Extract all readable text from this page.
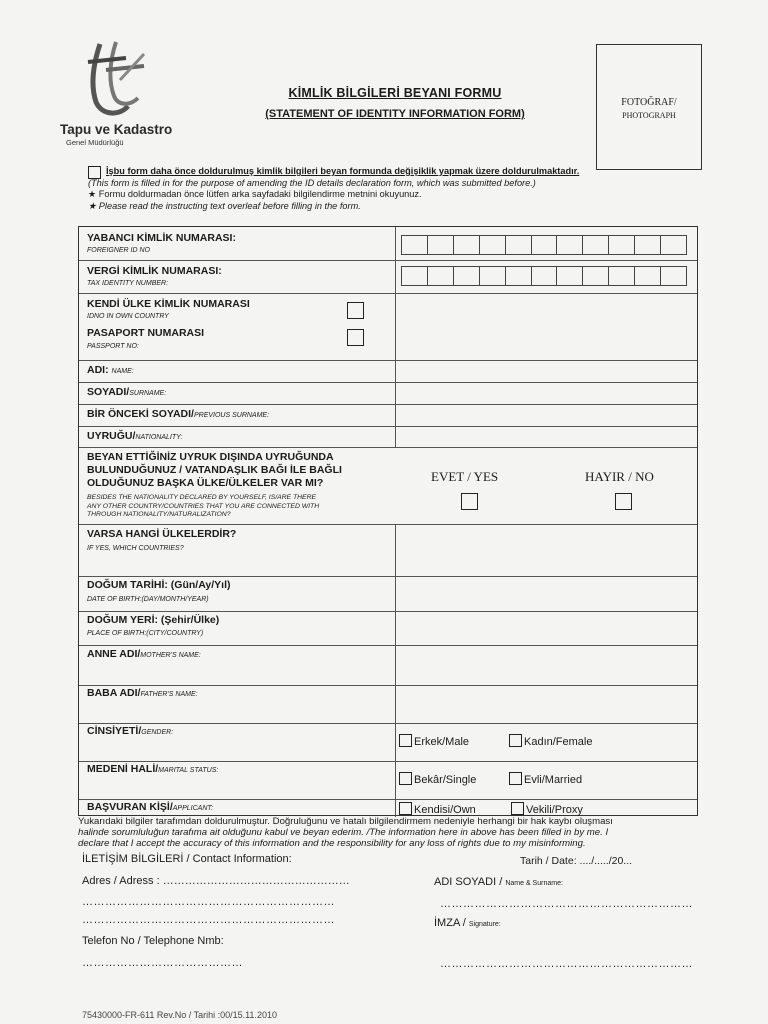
Tapu ve Kadastro
Genel Müdürlüğü
KİMLİK BİLGİLERİ BEYANI FORMU
(STATEMENT OF IDENTITY INFORMATION FORM)
FOTOĞRAF/
PHOTOGRAPH
İşbu form daha önce doldurulmuş kimlik bilgileri beyan formunda değişiklik yapmak üzere doldurulmaktadır.
(This form is filled in for the purpose of amending the ID details declaration form, which was submitted before.)
★ Formu doldurmadan önce lütfen arka sayfadaki bilgilendirme metnini okuyunuz.
★ Please read the instructing text overleaf before filling in the form.
YABANCI KİMLİK NUMARASI:
FOREIGNER ID NO
VERGİ KİMLİK NUMARASI:
TAX IDENTITY NUMBER:
KENDİ ÜLKE KİMLİK NUMARASI
IDNO IN OWN COUNTRY
PASAPORT NUMARASI
PASSPORT NO:
ADI: NAME:
SOYADI/SURNAME:
BİR ÖNCEKİ SOYADI/PREVIOUS SURNAME:
UYRUĞU/NATIONALITY:
BEYAN ETTİĞİNİZ UYRUK DIŞINDA UYRUĞUNDA
BULUNDUĞUNUZ / VATANDAŞLIK BAĞI İLE BAĞLI
OLDUĞUNUZ BAŞKA ÜLKE/ÜLKELER VAR MI?
BESIDES THE NATIONALITY DECLARED BY YOURSELF, IS/ARE THERE
ANY OTHER COUNTRY/COUNTRIES THAT YOU ARE CONNECTED WITH
THROUGH NATIONALITY/NATURALIZATION?
EVET / YES	HAYIR / NO
VARSA HANGİ ÜLKELERDİR?
IF YES, WHICH COUNTRIES?
DOĞUM TARİHİ: (Gün/Ay/Yıl)
DATE OF BIRTH:(DAY/MONTH/YEAR)
DOĞUM YERİ: (Şehir/Ülke)
PLACE OF BIRTH:(CITY/COUNTRY)
ANNE ADI/MOTHER'S NAME:
BABA ADI/FATHER'S NAME:
CİNSİYETİ/GENDER:
Erkek/Male	Kadın/Female
MEDENİ HALİ/MARITAL STATUS:
Bekâr/Single	Evli/Married
BAŞVURAN KİŞİ/APPLICANT:	Kendisi/Own	Vekili/Proxy
Yukarıdaki bilgiler tarafımdan doldurulmuştur. Doğruluğunu ve hatalı bilgilendirmem nedeniyle herhangi bir hak kaybı oluşması
halinde sorumluluğun tarafıma ait olduğunu kabul ve beyan ederim. /The information here in above has been filled in by me. I
declare that I accept the accuracy of this information and the responsibility for any loss of rights due to my misinforming.
İLETİŞİM BİLGİLERİ / Contact Information:	Tarih / Date: ..../...../20...
Adres / Adress : ……………………………………………
…………………………………………………………
…………………………………………………………
Telefon No / Telephone Nmb:
……………………………………
ADI SOYADI / Name & Surname:
…………………………………………………………
İMZA / Signature:
…………………………………………………………
75430000-FR-611 Rev.No / Tarihi :00/15.11.2010
